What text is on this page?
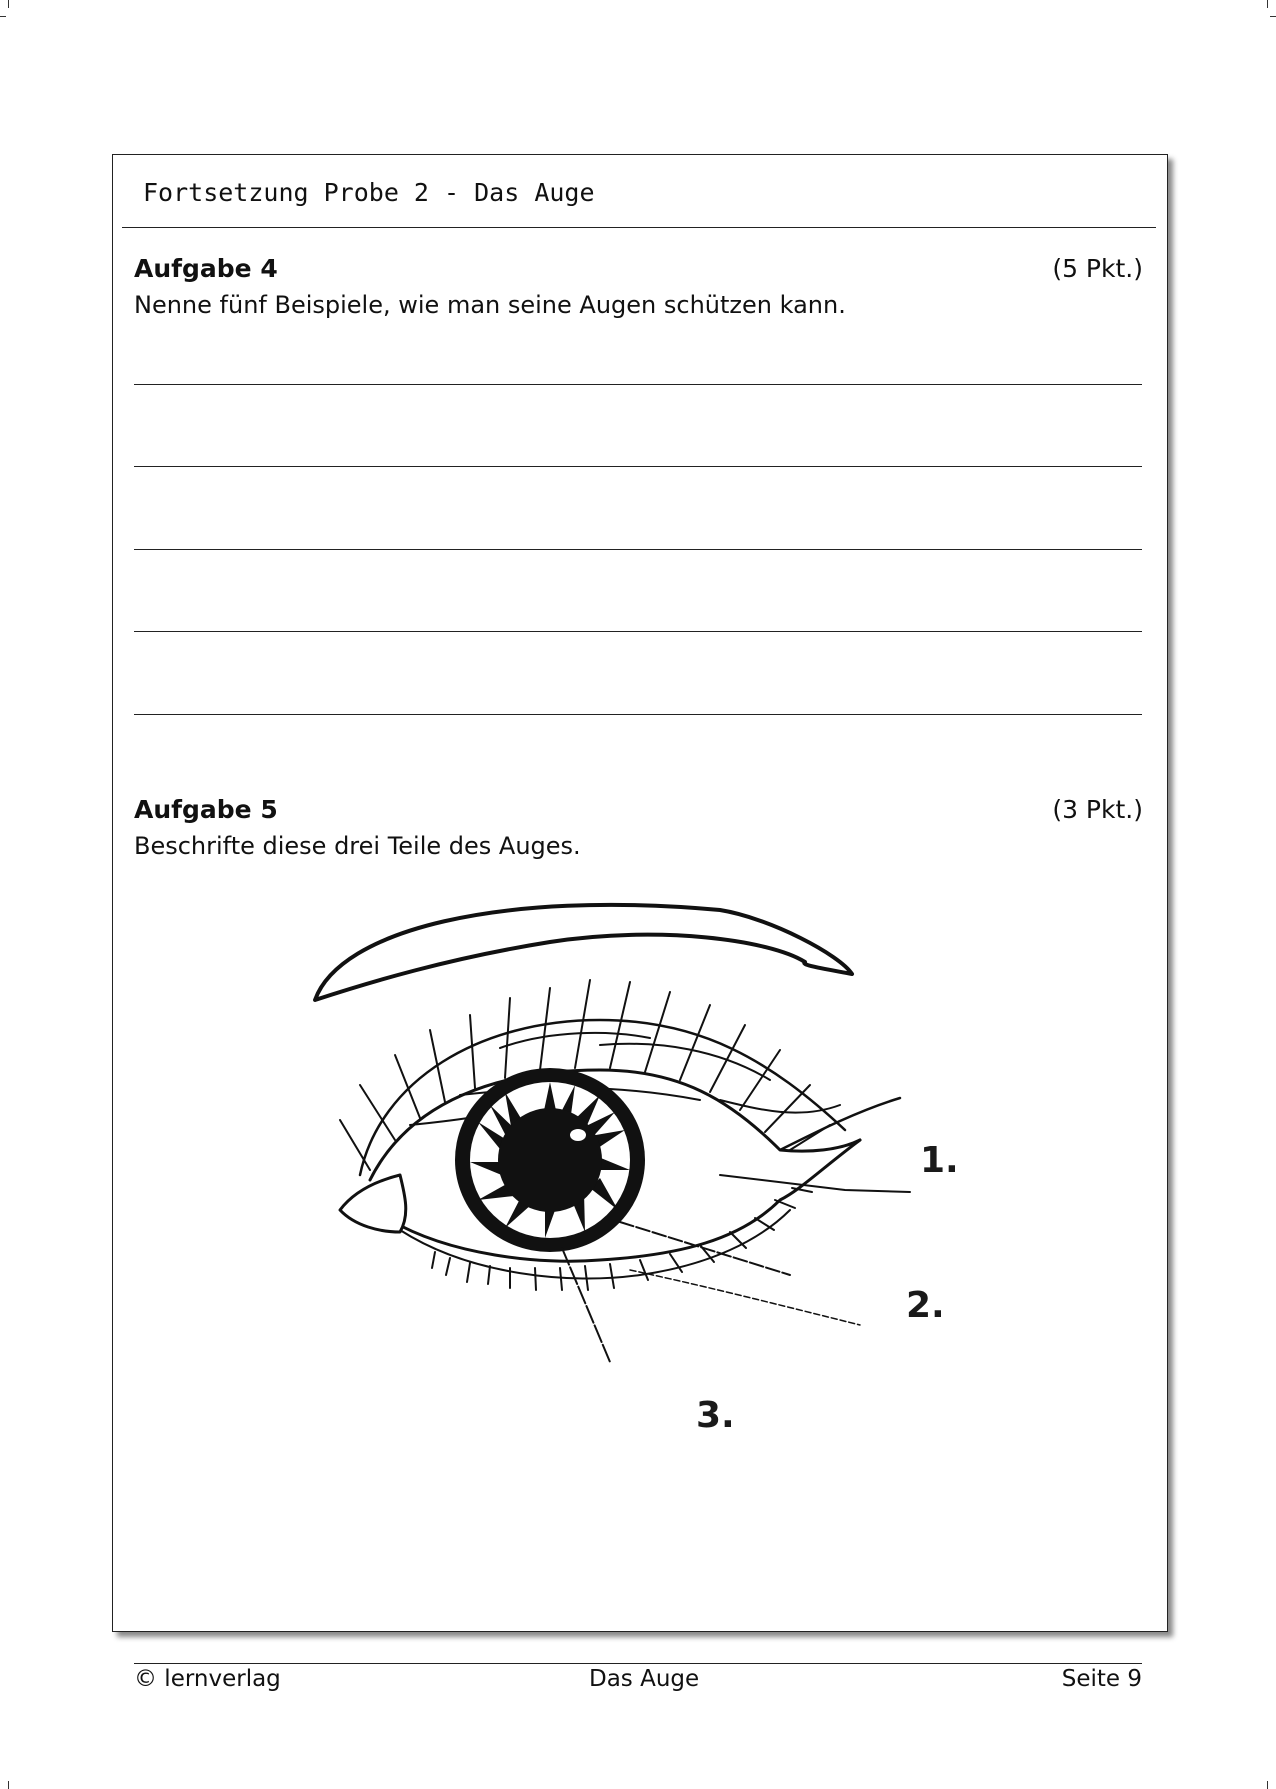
Fortsetzung Probe 2 - Das Auge
Aufgabe 4	(5 Pkt.)
Nenne fünf Beispiele, wie man seine Augen schützen kann.
Aufgabe 5	(3 Pkt.)
Beschrifte diese drei Teile des Auges.
1.
2.
3.
© lernverlag	Das Auge	Seite 9
